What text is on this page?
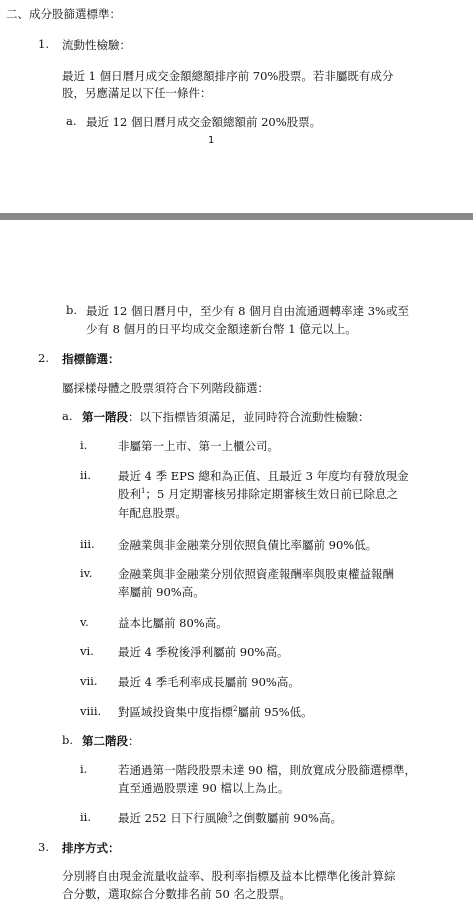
二、成分股篩選標準：
1. 流動性檢驗：
最近 1 個日曆月成交金額總額排序前 70%股票。若非屬既有成分
股，另應滿足以下任一條件：
a. 最近 12 個日曆月成交金額總額前 20%股票。
1
b. 最近 12 個日曆月中，至少有 8 個月自由流通週轉率達 3%或至
少有 8 個月的日平均成交金額達新台幣 1 億元以上。
2. 指標篩選：
屬採樣母體之股票須符合下列階段篩選：
a. 第一階段：以下指標皆須滿足，並同時符合流動性檢驗：
i.	非屬第一上市、第一上櫃公司。
ii. 最近 4 季 EPS 總和為正值、且最近 3 年度均有發放現金
股利$^1$；5 月定期審核另排除定期審核生效日前已除息之
年配息股票。
iii. 金融業與非金融業分別依照負債比率屬前 90%低。
iv. 金融業與非金融業分別依照資產報酬率與股東權益報酬
率屬前 90%高。
v.	益本比屬前 80%高。
vi. 最近 4 季稅後淨利屬前 90%高。
vii. 最近 4 季毛利率成長屬前 90%高。
viii. 對區域投資集中度指標$^2$屬前 95%低。
b. 第二階段：
i.	若通過第一階段股票未達 90 檔，則放寬成分股篩選標準，
直至通過股票達 90 檔以上為止。
ii. 最近 252 日下行風險$^3$之倒數屬前 90%高。
3. 排序方式：
分別將自由現金流量收益率、股利率指標及益本比標準化後計算綜
合分數，選取綜合分數排名前 50 名之股票。
